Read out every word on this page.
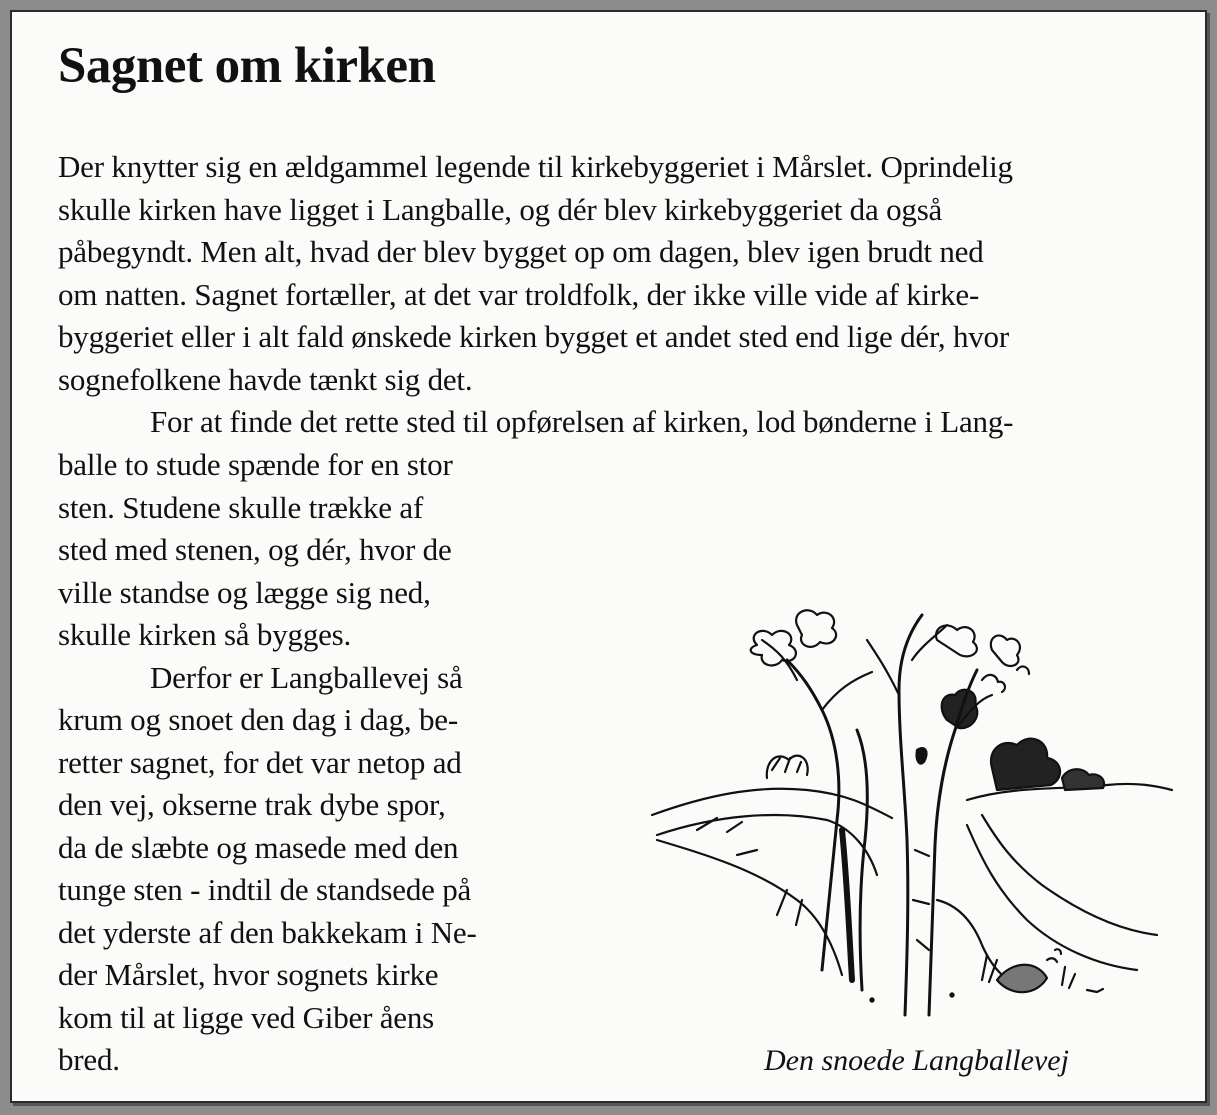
Sagnet om kirken

Der knytter sig en ældgammel legende til kirkebyggeriet i Mårslet. Oprindelig
skulle kirken have ligget i Langballe, og dér blev kirkebyggeriet da også
påbegyndt. Men alt, hvad der blev bygget op om dagen, blev igen brudt ned
om natten. Sagnet fortæller, at det var troldfolk, der ikke ville vide af kirke-
byggeriet eller i alt fald ønskede kirken bygget et andet sted end lige dér, hvor
sognefolkene havde tænkt sig det.

For at finde det rette sted til opførelsen af kirken, lod bønderne i Lang-

balle to stude spænde for en stor
sten. Studene skulle trække af
sted med stenen, og dér, hvor de
ville standse og lægge sig ned,
skulle kirken så bygges.
Derfor er Langballevej så
krum og snoet den dag i dag, be-
retter sagnet, for det var netop ad
den vej, okserne trak dybe spor,
da de slæbte og masede med den
tunge sten - indtil de standsede på
det yderste af den bakkekam i Ne-
der Mårslet, hvor sognets kirke
kom til at ligge ved Giber åens
bred.	Den snoede Langballevej
